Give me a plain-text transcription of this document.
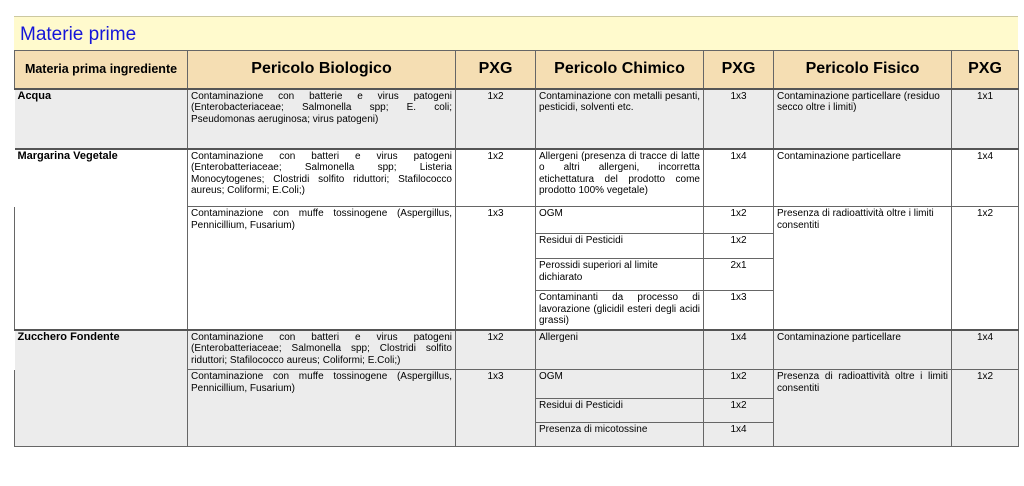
Materie prime
Materia prima ingrediente	Pericolo Biologico	PXG	Pericolo Chimico	PXG	Pericolo Fisico	PXG
Acqua	Contaminazione con batterie e virus patogeni (Enterobacteriaceae; Salmonella spp; E. coli; Pseudomonas aeruginosa; virus patogeni)	1x2	Contaminazione con metalli pesanti, pesticidi, solventi etc.	1x3	Contaminazione particellare (residuo secco oltre i limiti)	1x1
Margarina Vegetale	Contaminazione con batteri e virus patogeni (Enterobatteriaceae; Salmonella spp; Listeria Monocytogenes; Clostridi solfito riduttori; Stafilococco aureus; Coliformi; E.Coli;)	1x2	Allergeni (presenza di tracce di latte o altri allergeni, incorretta etichettatura del prodotto come prodotto 100% vegetale)	1x4	Contaminazione particellare	1x4
	Contaminazione con muffe tossinogene (Aspergillus, Pennicillium, Fusarium)	1x3	OGM	1x2	Presenza di radioattività oltre i limiti consentiti	1x2
			Residui di Pesticidi	1x2		
			Perossidi superiori al limite dichiarato	2x1		
			Contaminanti da processo di lavorazione (glicidil esteri degli acidi grassi)	1x3		
Zucchero Fondente	Contaminazione con batteri e virus patogeni (Enterobatteriaceae; Salmonella spp; Clostridi solfito riduttori; Stafilococco aureus; Coliformi; E.Coli;)	1x2	Allergeni	1x4	Contaminazione particellare	1x4
	Contaminazione con muffe tossinogene (Aspergillus, Pennicillium, Fusarium)	1x3	OGM	1x2	Presenza di radioattività oltre i limiti consentiti	1x2
			Residui di Pesticidi	1x2		
			Presenza di micotossine	1x4		
